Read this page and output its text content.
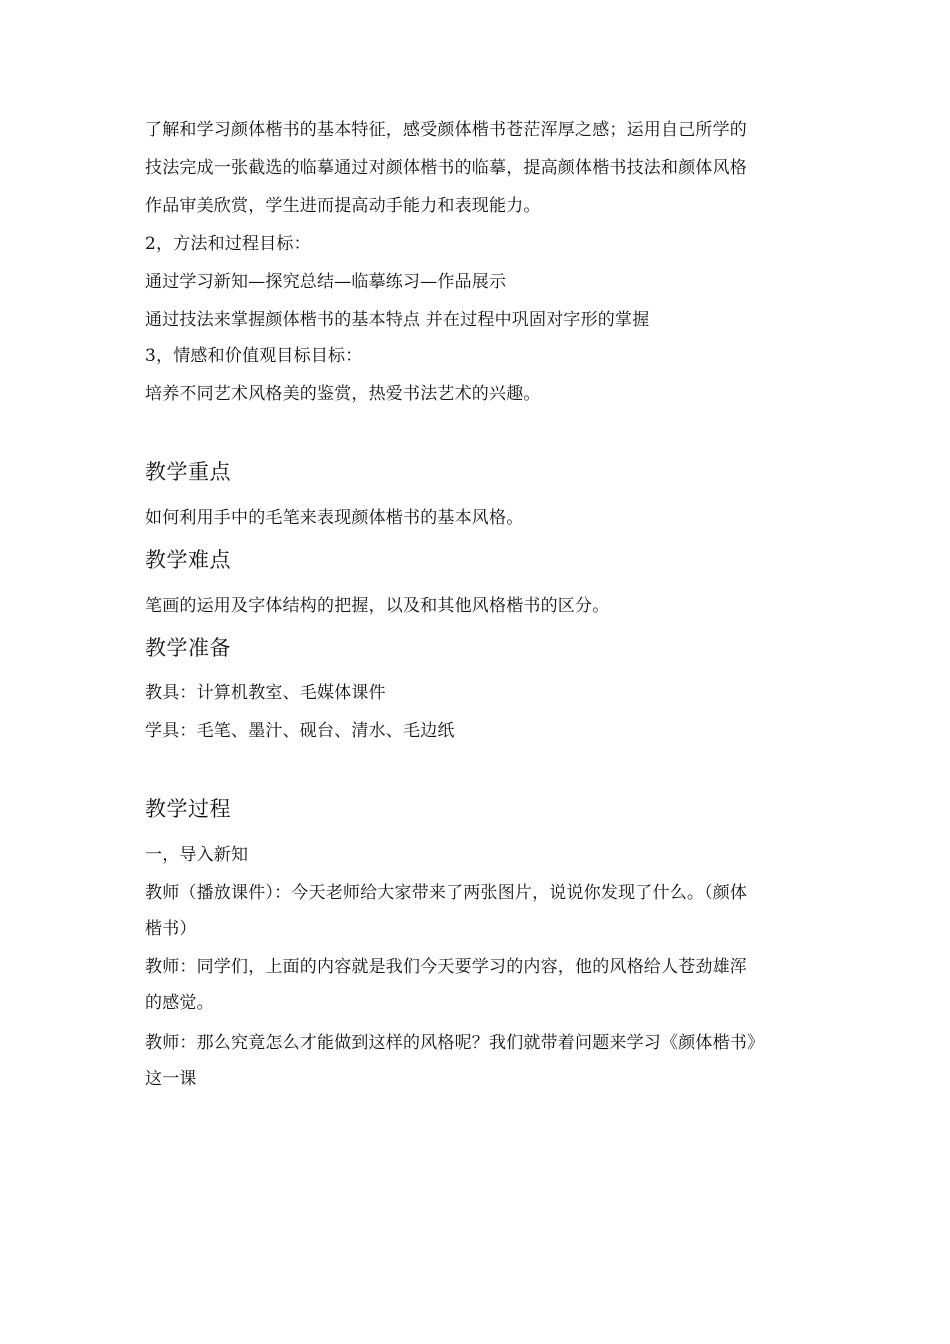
了解和学习颜体楷书的基本特征，感受颜体楷书苍茫浑厚之感；运用自己所学的
技法完成一张截选的临摹通过对颜体楷书的临摹，提高颜体楷书技法和颜体风格
作品审美欣赏，学生进而提高动手能力和表现能力。
2，方法和过程目标：
通过学习新知—探究总结—临摹练习—作品展示
通过技法来掌握颜体楷书的基本特点 并在过程中巩固对字形的掌握
3，情感和价值观目标目标：
培养不同艺术风格美的鉴赏，热爱书法艺术的兴趣。
教学重点
如何利用手中的毛笔来表现颜体楷书的基本风格。
教学难点
笔画的运用及字体结构的把握，以及和其他风格楷书的区分。
教学准备
教具：计算机教室、毛媒体课件
学具：毛笔、墨汁、砚台、清水、毛边纸
教学过程
一，导入新知
教师（播放课件）：今天老师给大家带来了两张图片，说说你发现了什么。（颜体
楷书）
教师：同学们，上面的内容就是我们今天要学习的内容，他的风格给人苍劲雄浑
的感觉。
教师：那么究竟怎么才能做到这样的风格呢？我们就带着问题来学习《颜体楷书》
这一课
